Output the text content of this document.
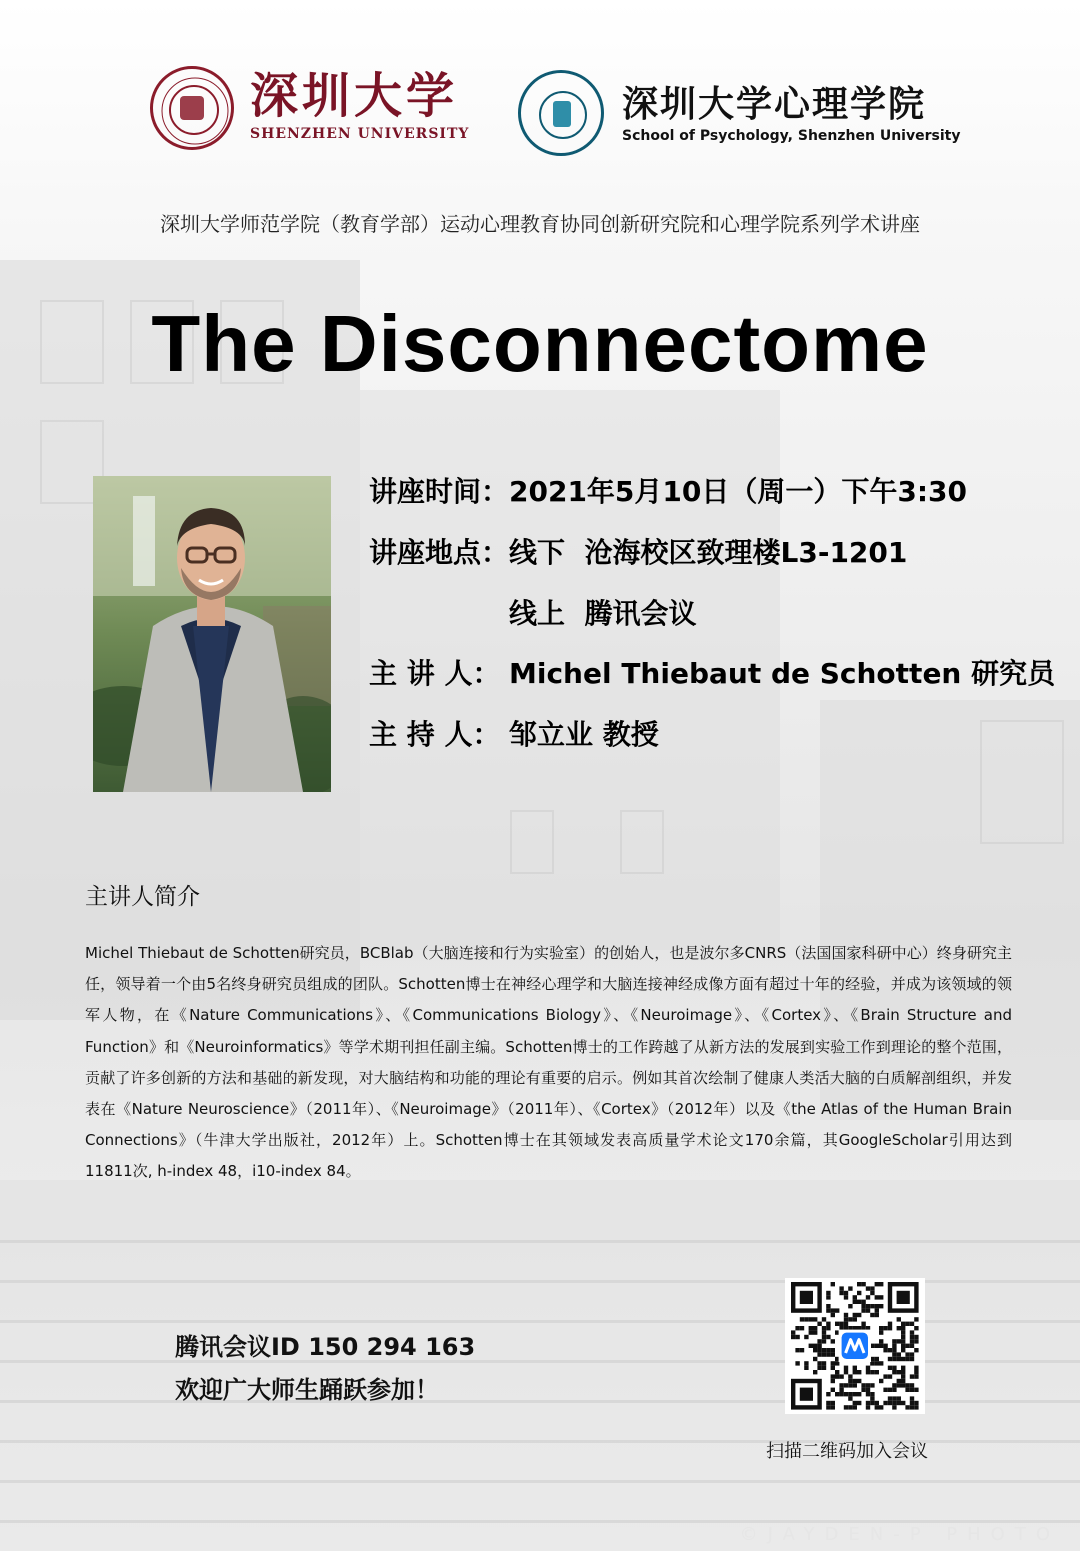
©JAYDEN-P PHOTO
深圳大学
SHENZHEN UNIVERSITY
深圳大学心理学院
School of Psychology, Shenzhen University
深圳大学师范学院（教育学部）运动心理教育协同创新研究院和心理学院系列学术讲座
The Disconnectome
讲座时间：2021年5月10日（周一）下午3:30
讲座地点：线下  沧海校区致理楼L3-1201
线上  腾讯会议
主 讲 人： Michel Thiebaut de Schotten 研究员
主 持 人： 邹立业 教授
主讲人简介
Michel Thiebaut de Schotten研究员，BCBlab（大脑连接和行为实验室）的创始人，也是波尔多CNRS（法国国家科研中心）终身研究主任，领导着一个由5名终身研究员组成的团队。Schotten博士在神经心理学和大脑连接神经成像方面有超过十年的经验，并成为该领域的领军人物，在《Nature Communications》、《Communications Biology》、《Neuroimage》、《Cortex》、《Brain Structure and Function》和《Neuroinformatics》等学术期刊担任副主编。Schotten博士的工作跨越了从新方法的发展到实验工作到理论的整个范围，贡献了许多创新的方法和基础的新发现，对大脑结构和功能的理论有重要的启示。例如其首次绘制了健康人类活大脑的白质解剖组织，并发表在《Nature Neuroscience》（2011年）、《Neuroimage》（2011年）、《Cortex》（2012年）以及《the Atlas of the Human Brain Connections》（牛津大学出版社，2012年）上。Schotten博士在其领域发表高质量学术论文170余篇，其GoogleScholar引用达到11811次, h-index 48，i10-index 84。
腾讯会议ID 150 294 163
欢迎广大师生踊跃参加！
扫描二维码加入会议
